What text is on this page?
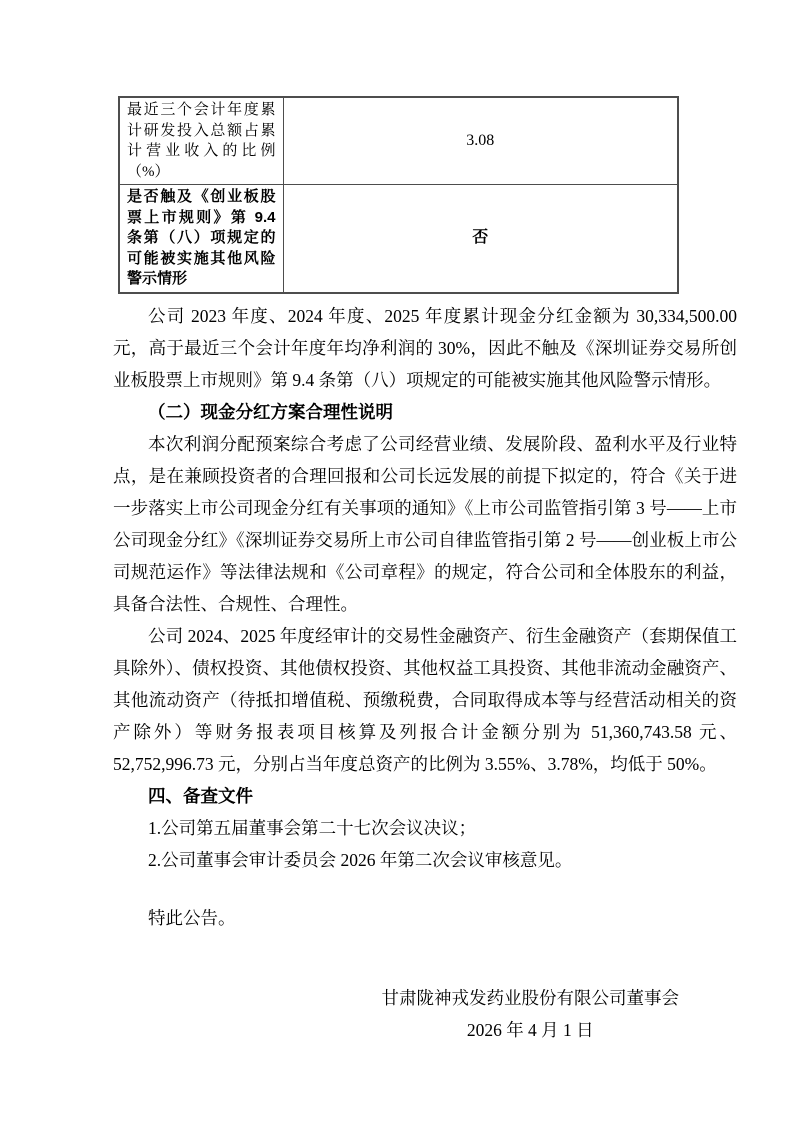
最近三个会计年度累计研发投入总额占累计营业收入的比例（%）	3.08
是否触及《创业板股票上市规则》第 9.4 条第（八）项规定的可能被实施其他风险警示情形	否

公司 2023 年度、2024 年度、2025 年度累计现金分红金额为 30,334,500.00 元，高于最近三个会计年度年均净利润的 30%，因此不触及《深圳证券交易所创业板股票上市规则》第 9.4 条第（八）项规定的可能被实施其他风险警示情形。

（二）现金分红方案合理性说明

本次利润分配预案综合考虑了公司经营业绩、发展阶段、盈利水平及行业特点，是在兼顾投资者的合理回报和公司长远发展的前提下拟定的，符合《关于进一步落实上市公司现金分红有关事项的通知》《上市公司监管指引第 3 号——上市公司现金分红》《深圳证券交易所上市公司自律监管指引第 2 号——创业板上市公司规范运作》等法律法规和《公司章程》的规定，符合公司和全体股东的利益，具备合法性、合规性、合理性。

公司 2024、2025 年度经审计的交易性金融资产、衍生金融资产（套期保值工具除外）、债权投资、其他债权投资、其他权益工具投资、其他非流动金融资产、其他流动资产（待抵扣增值税、预缴税费，合同取得成本等与经营活动相关的资产除外）等财务报表项目核算及列报合计金额分别为 51,360,743.58 元、52,752,996.73 元，分别占当年度总资产的比例为 3.55%、3.78%，均低于 50%。

四、备查文件

1.公司第五届董事会第二十七次会议决议；

2.公司董事会审计委员会 2026 年第二次会议审核意见。

特此公告。

甘肃陇神戎发药业股份有限公司董事会
2026 年 4 月 1 日
